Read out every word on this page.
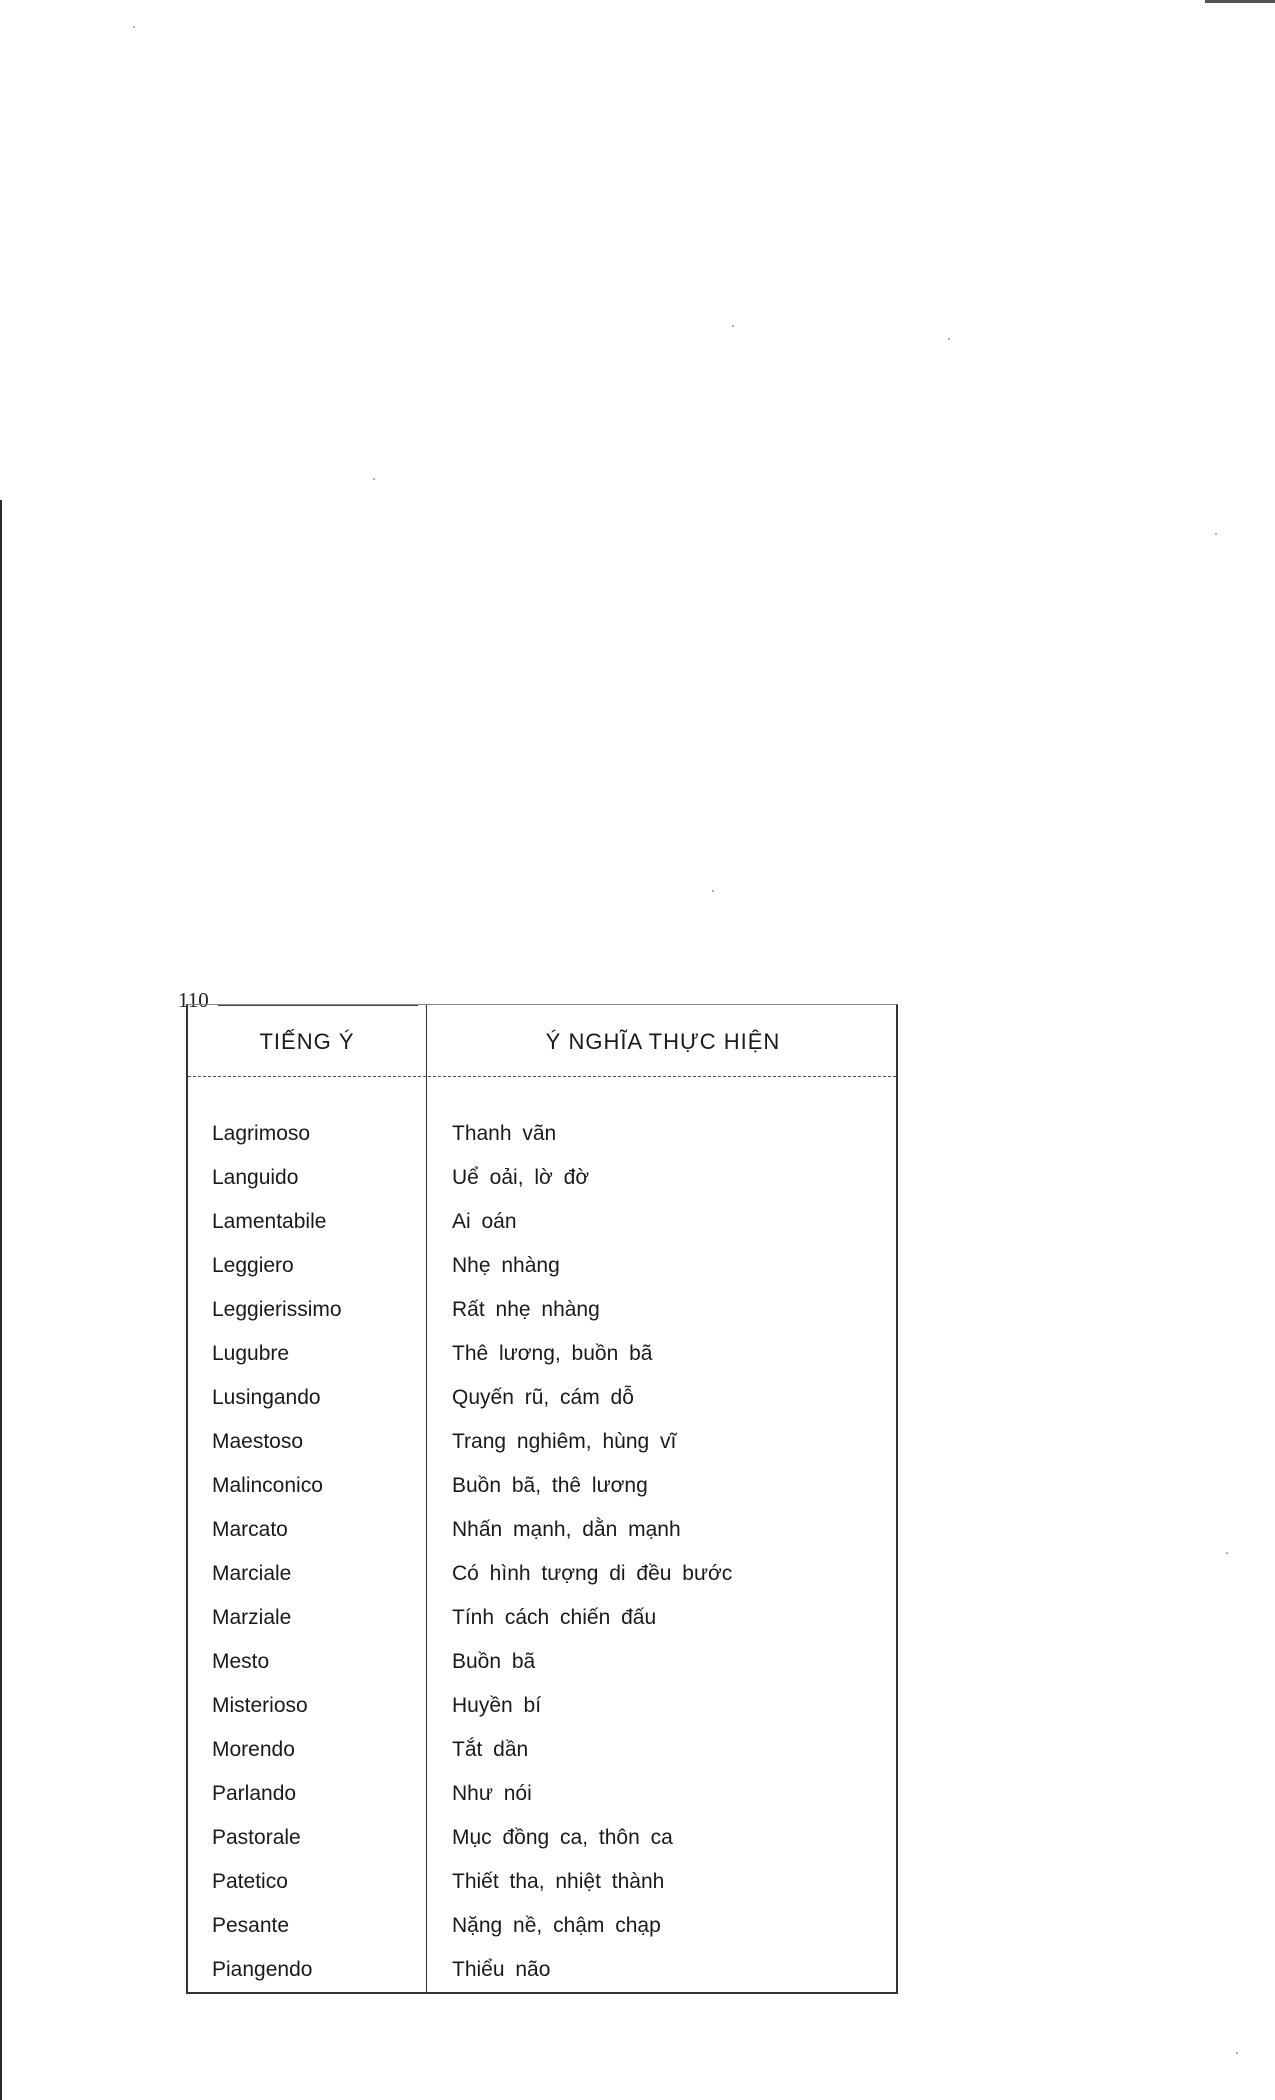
110
TIẾNG Ý	Ý NGHĨA THỰC HIỆN
Lagrimoso	Thanh vãn
Languido	Uể oải, lờ đờ
Lamentabile	Ai oán
Leggiero	Nhẹ nhàng
Leggierissimo	Rất nhẹ nhàng
Lugubre	Thê lương, buồn bã
Lusingando	Quyến rũ, cám dỗ
Maestoso	Trang nghiêm, hùng vĩ
Malinconico	Buồn bã, thê lương
Marcato	Nhấn mạnh, dằn mạnh
Marciale	Có hình tượng di đều bước
Marziale	Tính cách chiến đấu
Mesto	Buồn bã
Misterioso	Huyền bí
Morendo	Tắt dần
Parlando	Như nói
Pastorale	Mục đồng ca, thôn ca
Patetico	Thiết tha, nhiệt thành
Pesante	Nặng nề, chậm chạp
Piangendo	Thiểu não
